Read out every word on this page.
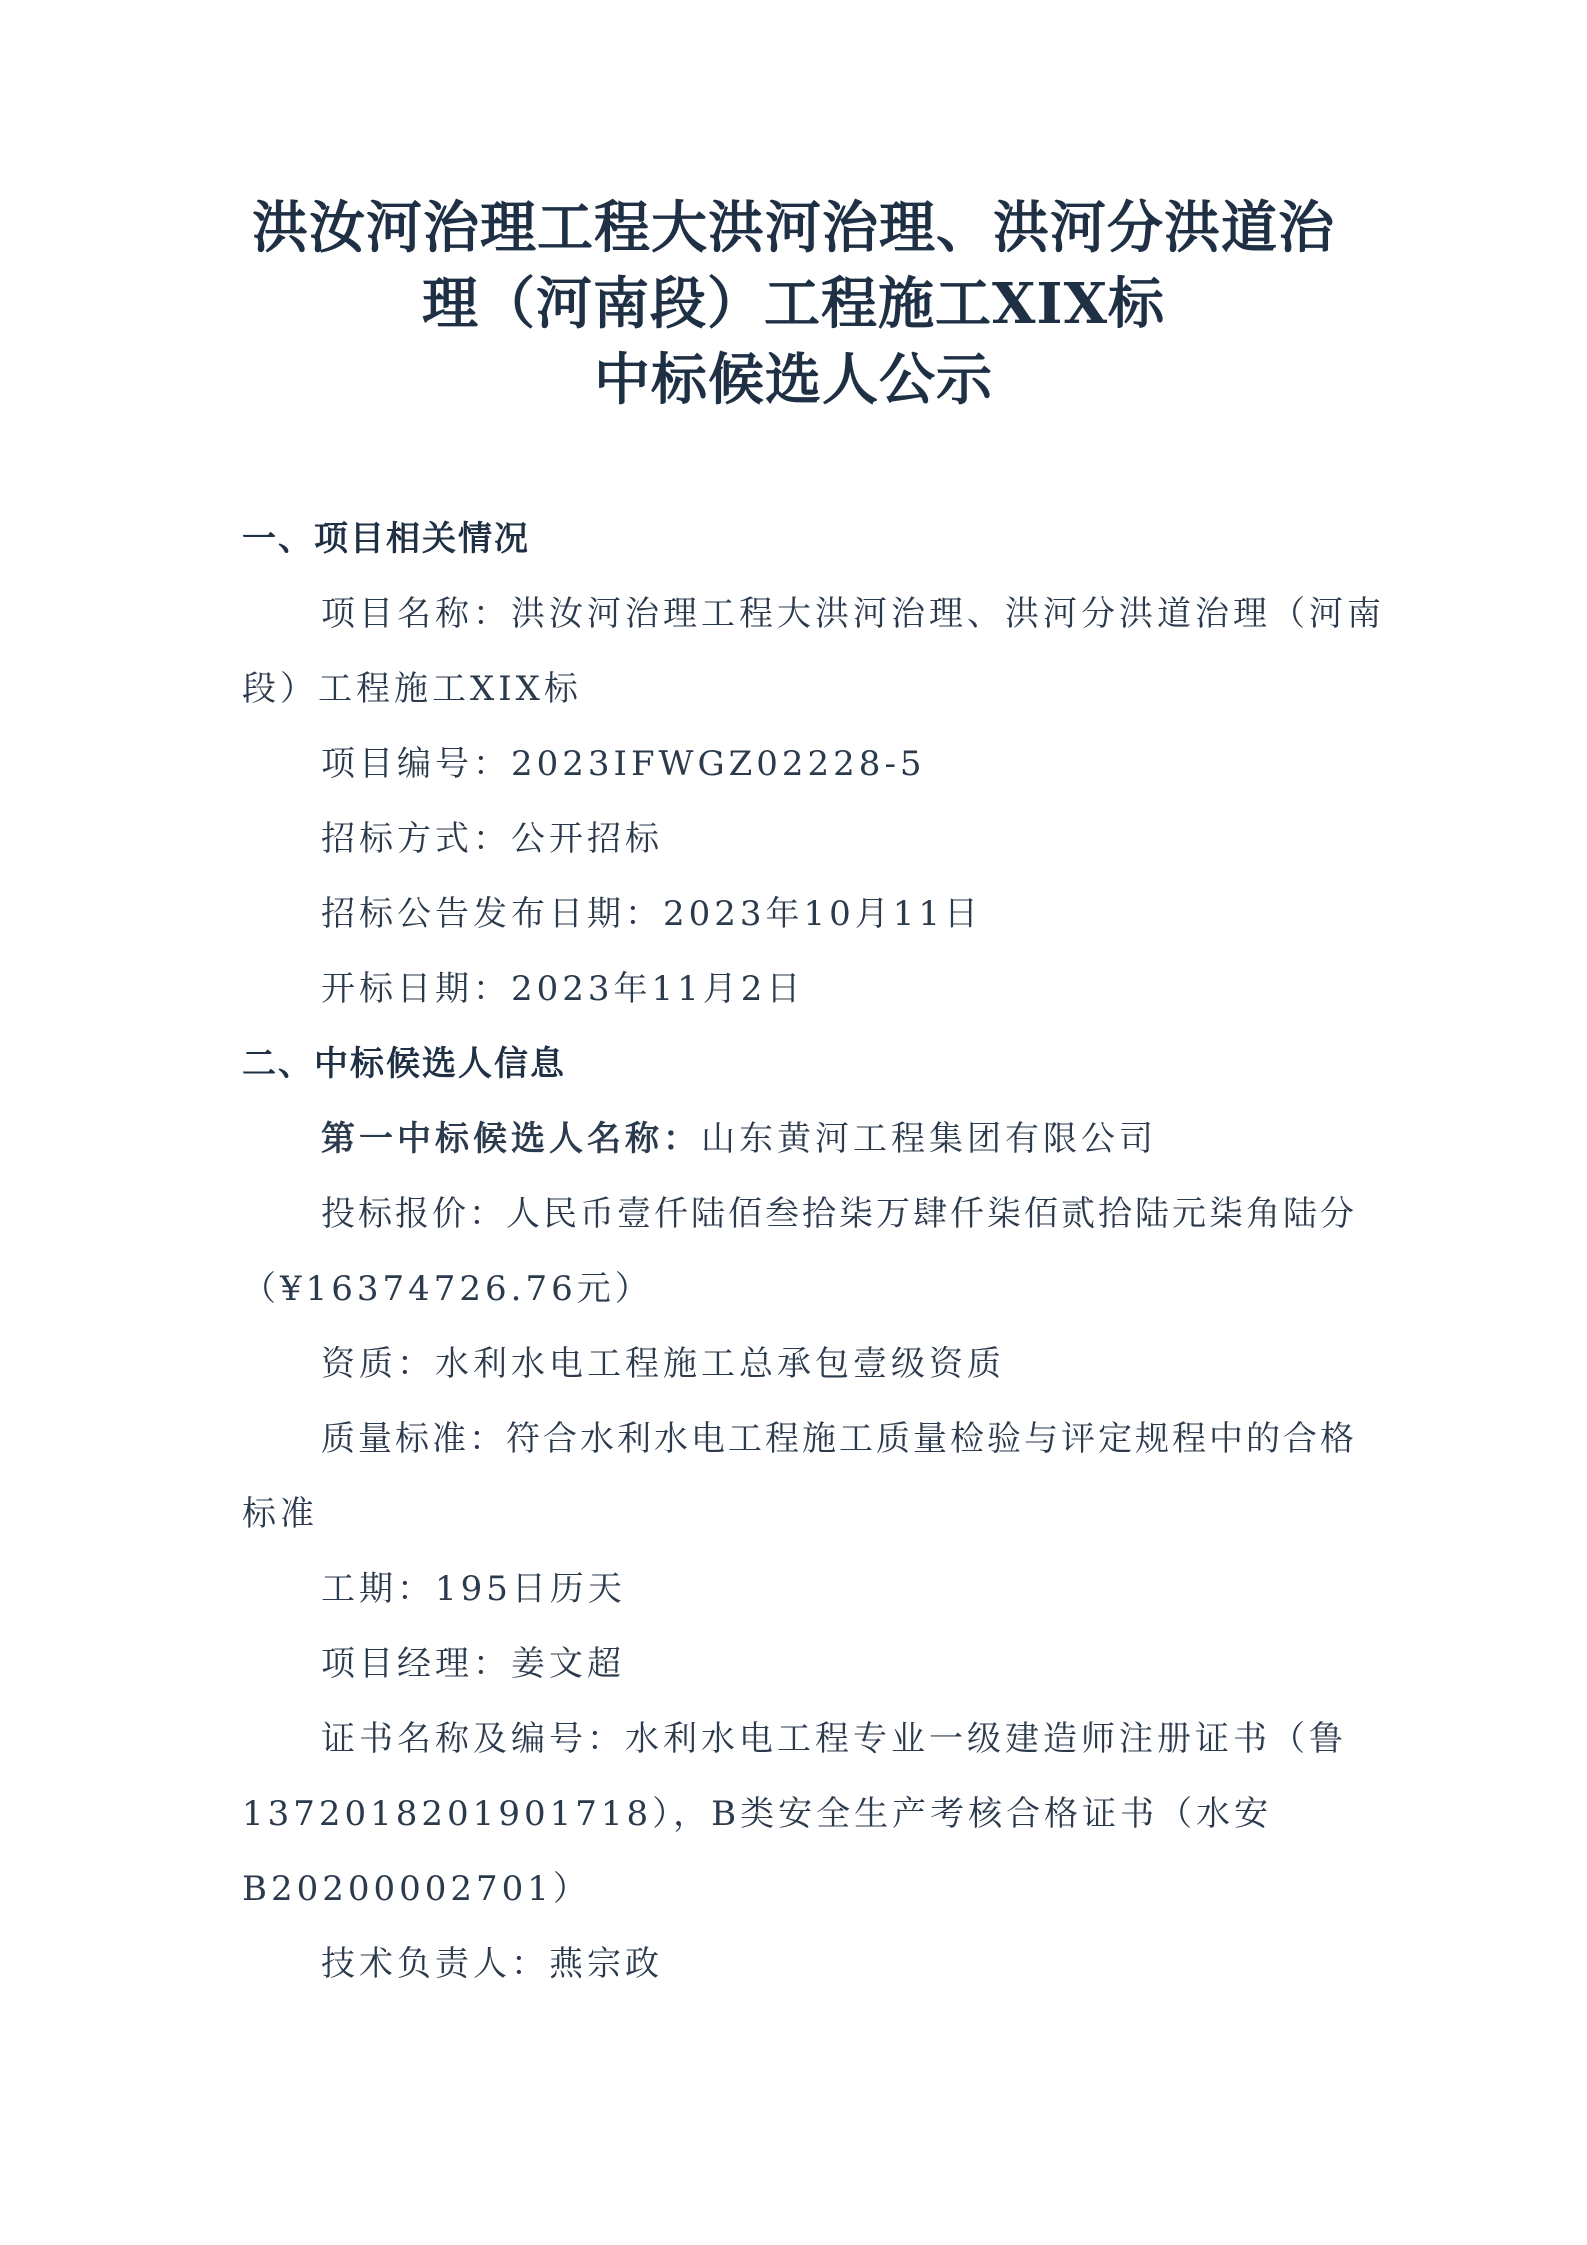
洪汝河治理工程大洪河治理、洪河分洪道治
理（河南段）工程施工XIX标
中标候选人公示
一、项目相关情况
项目名称：洪汝河治理工程大洪河治理、洪河分洪道治理（河南
段）工程施工XIX标
项目编号：2023IFWGZ02228-5
招标方式：公开招标
招标公告发布日期：2023年10月11日
开标日期：2023年11月2日
二、中标候选人信息
第一中标候选人名称：山东黄河工程集团有限公司
投标报价：人民币壹仟陆佰叁拾柒万肆仟柒佰贰拾陆元柒角陆分
（¥16374726.76元）
资质：水利水电工程施工总承包壹级资质
质量标准：符合水利水电工程施工质量检验与评定规程中的合格
标准
工期：195日历天
项目经理：姜文超
证书名称及编号：水利水电工程专业一级建造师注册证书（鲁
1372018201901718），B类安全生产考核合格证书（水安
B20200002701）
技术负责人：燕宗政
